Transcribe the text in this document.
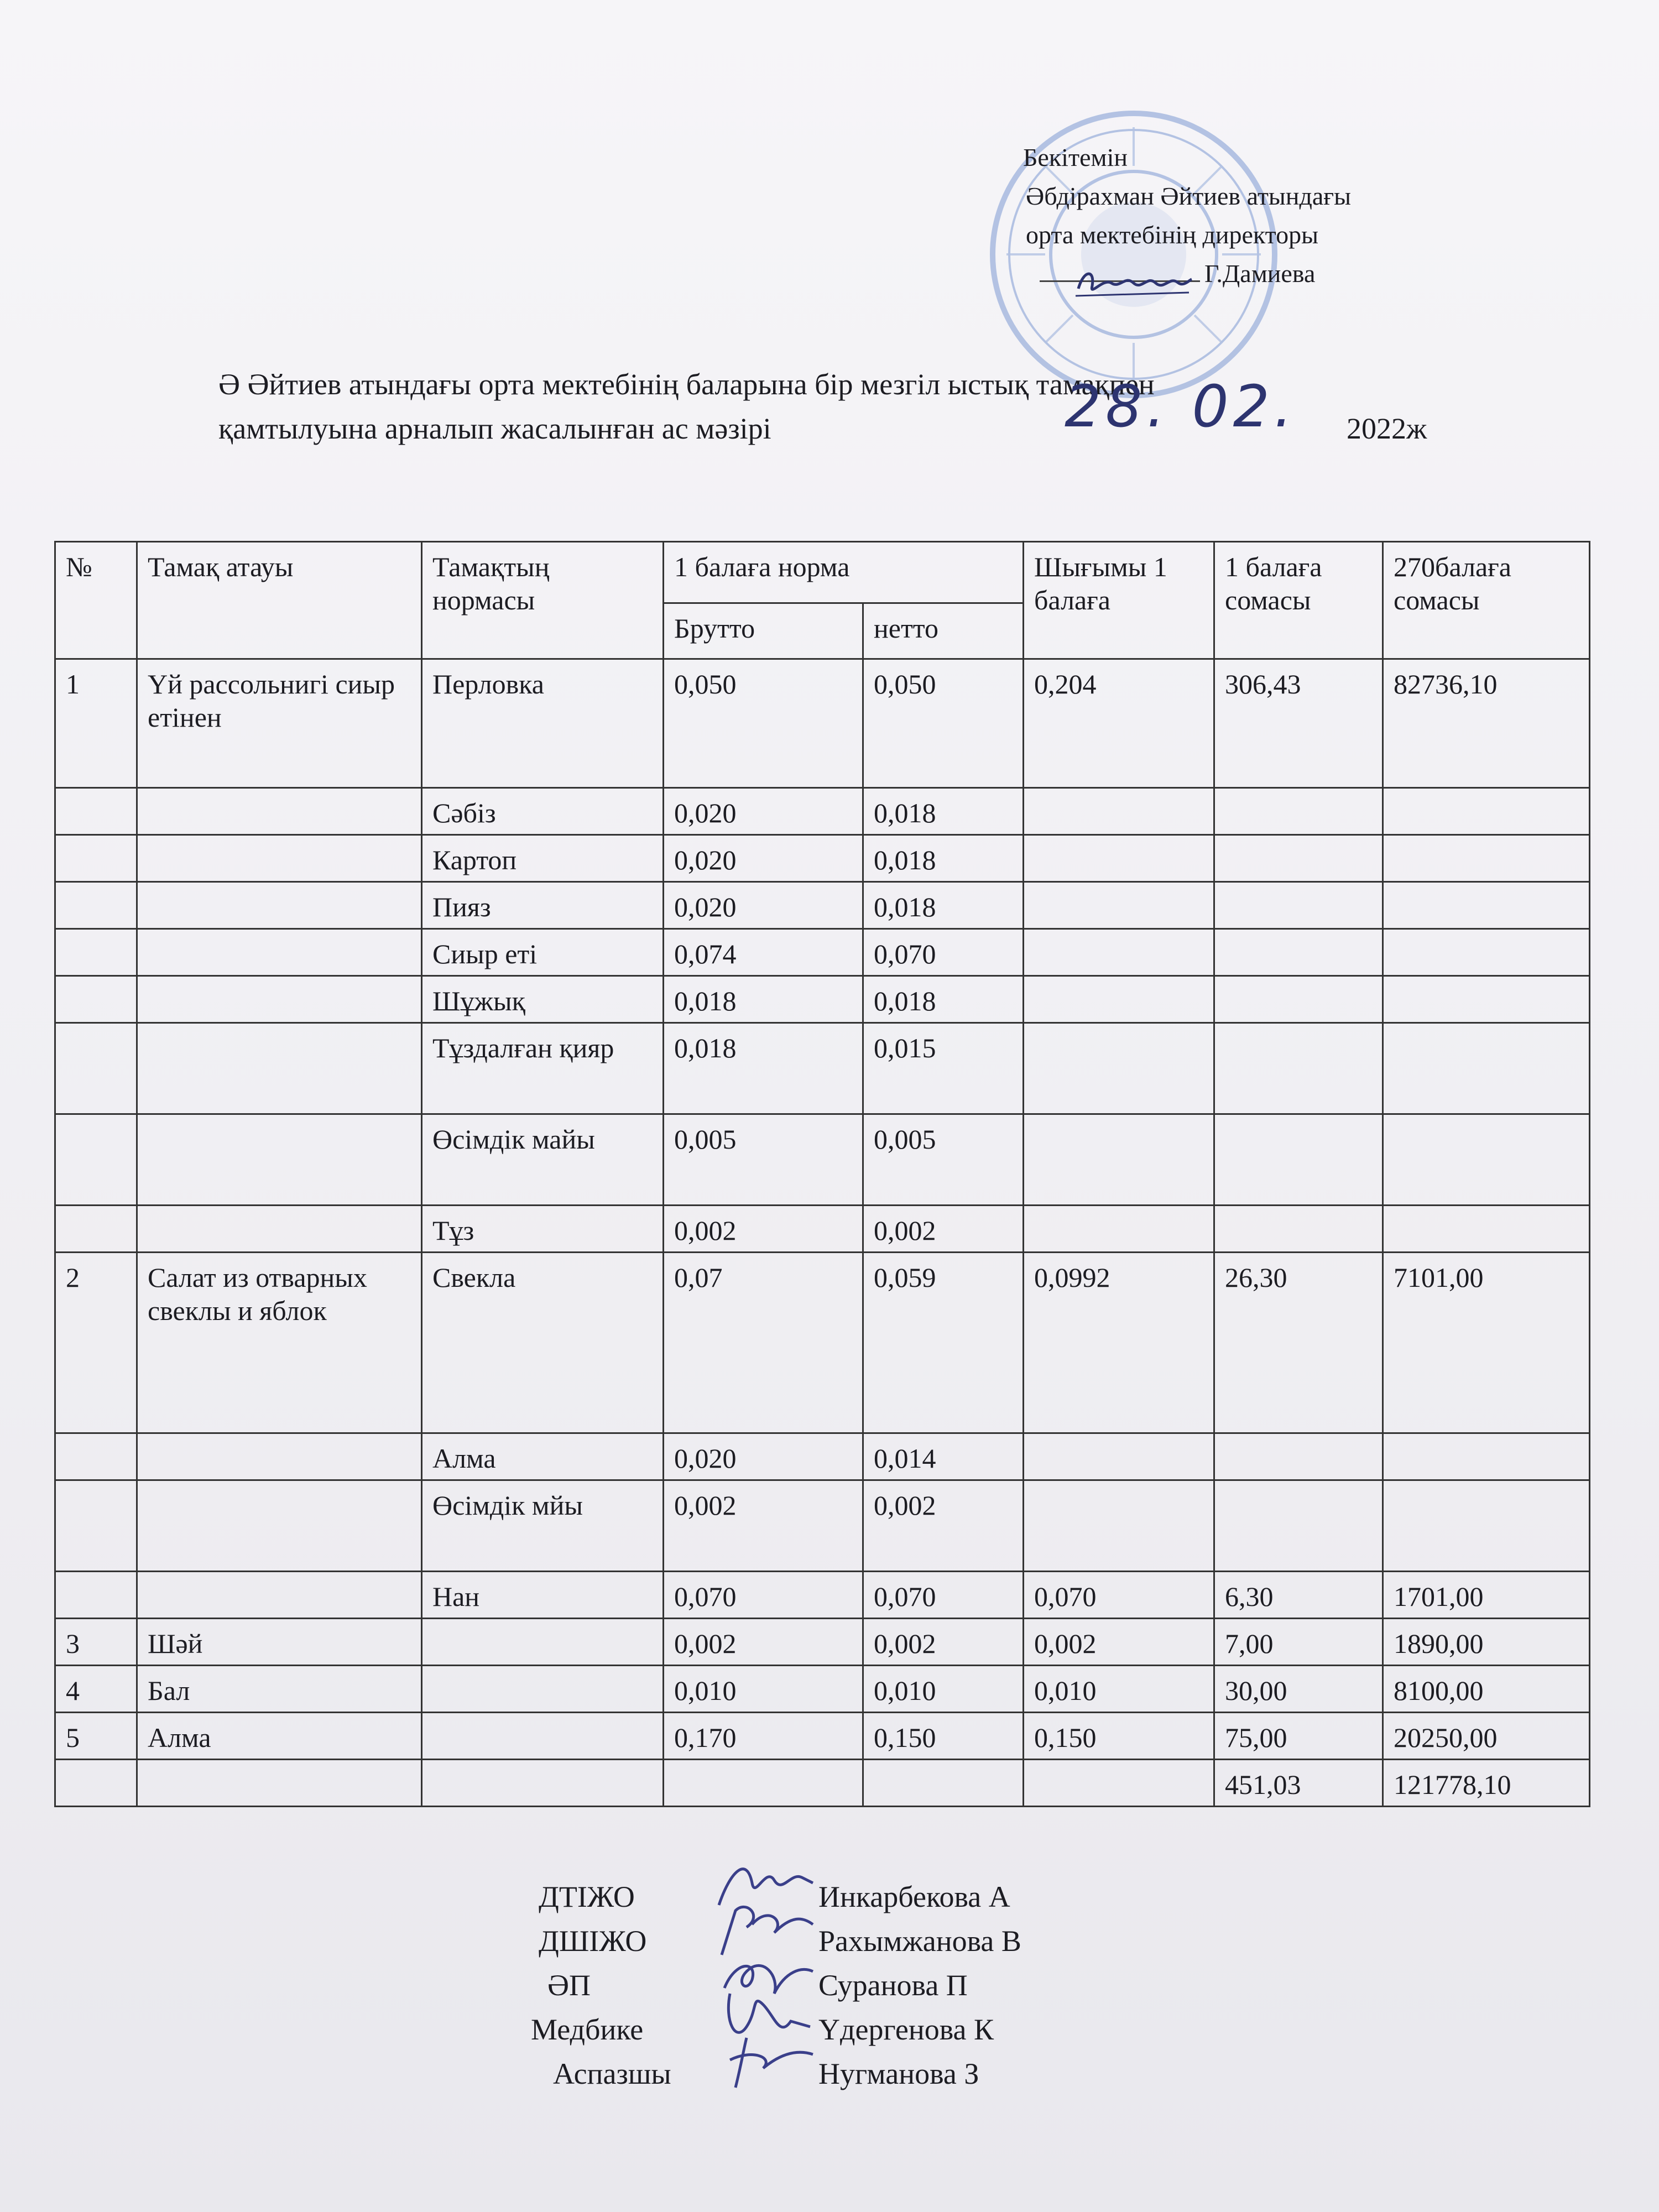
Бекітемін
Әбдірахман Әйтиев атындағы
орта мектебінің директоры
Г.Дамиева
Ә Әйтиев атындағы орта мектебінің баларына бір мезгіл ыстық тамақпен
қамтылуына арналып жасалынған ас мәзірі	28. 02. 2022ж
№	Тамақ атауы	Тамақтың нормасы	1 балаға норма		Шығымы 1 балаға	1 балаға сомасы	270балаға сомасы
			Брутто	нетто			
1	Үй рассольнигі сиыр етінен	Перловка	0,050	0,050	0,204	306,43	82736,10
		Сәбіз	0,020	0,018			
		Картоп	0,020	0,018			
		Пияз	0,020	0,018			
		Сиыр еті	0,074	0,070			
		Шұжық	0,018	0,018			
		Тұздалған қияр	0,018	0,015			
		Өсімдік майы	0,005	0,005			
		Тұз	0,002	0,002			
2	Салат из отварных свеклы и яблок	Свекла	0,07	0,059	0,0992	26,30	7101,00
		Алма	0,020	0,014			
		Өсімдік мйы	0,002	0,002			
		Нан	0,070	0,070	0,070	6,30	1701,00
3	Шәй		0,002	0,002	0,002	7,00	1890,00
4	Бал		0,010	0,010	0,010	30,00	8100,00
5	Алма		0,170	0,150	0,150	75,00	20250,00
						451,03	121778,10
ДТІЖО	Инкарбекова А
ДШІЖО	Рахымжанова В
ӘП	Суранова П
Медбике	Үдергенова К
Аспазшы	Нугманова З
